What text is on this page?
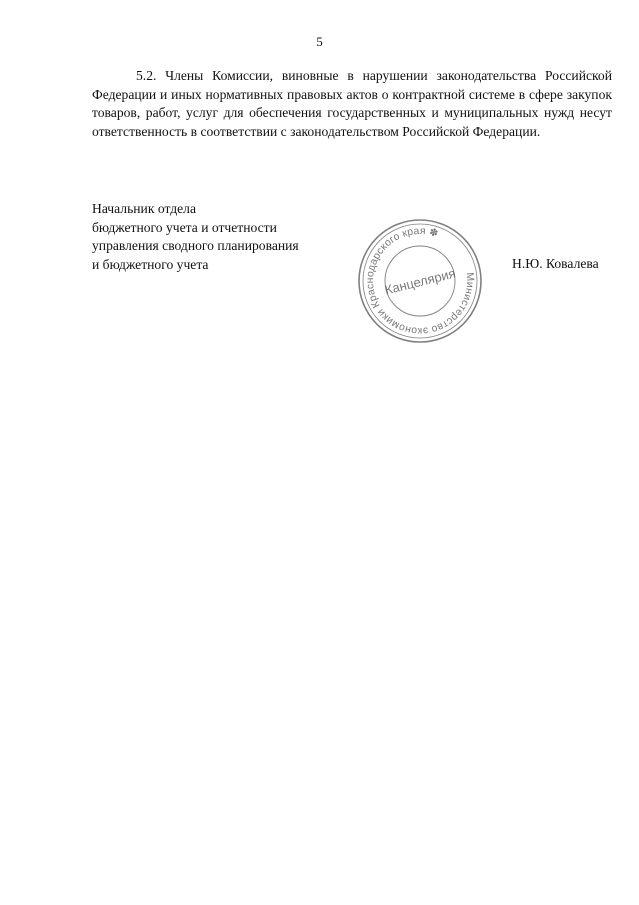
5

5.2. Члены Комиссии, виновные в нарушении законодательства Российской Федерации и иных нормативных правовых актов о контрактной системе в сфере закупок товаров, работ, услуг для обеспечения государственных и муниципальных нужд несут ответственность в соответствии с законодательством Российской Федерации.

Начальник отдела
бюджетного учета и отчетности
управления сводного планирования
и бюджетного учета	Н.Ю. Ковалева
Министерство экономики Краснодарского края ✽
Канцелярия
